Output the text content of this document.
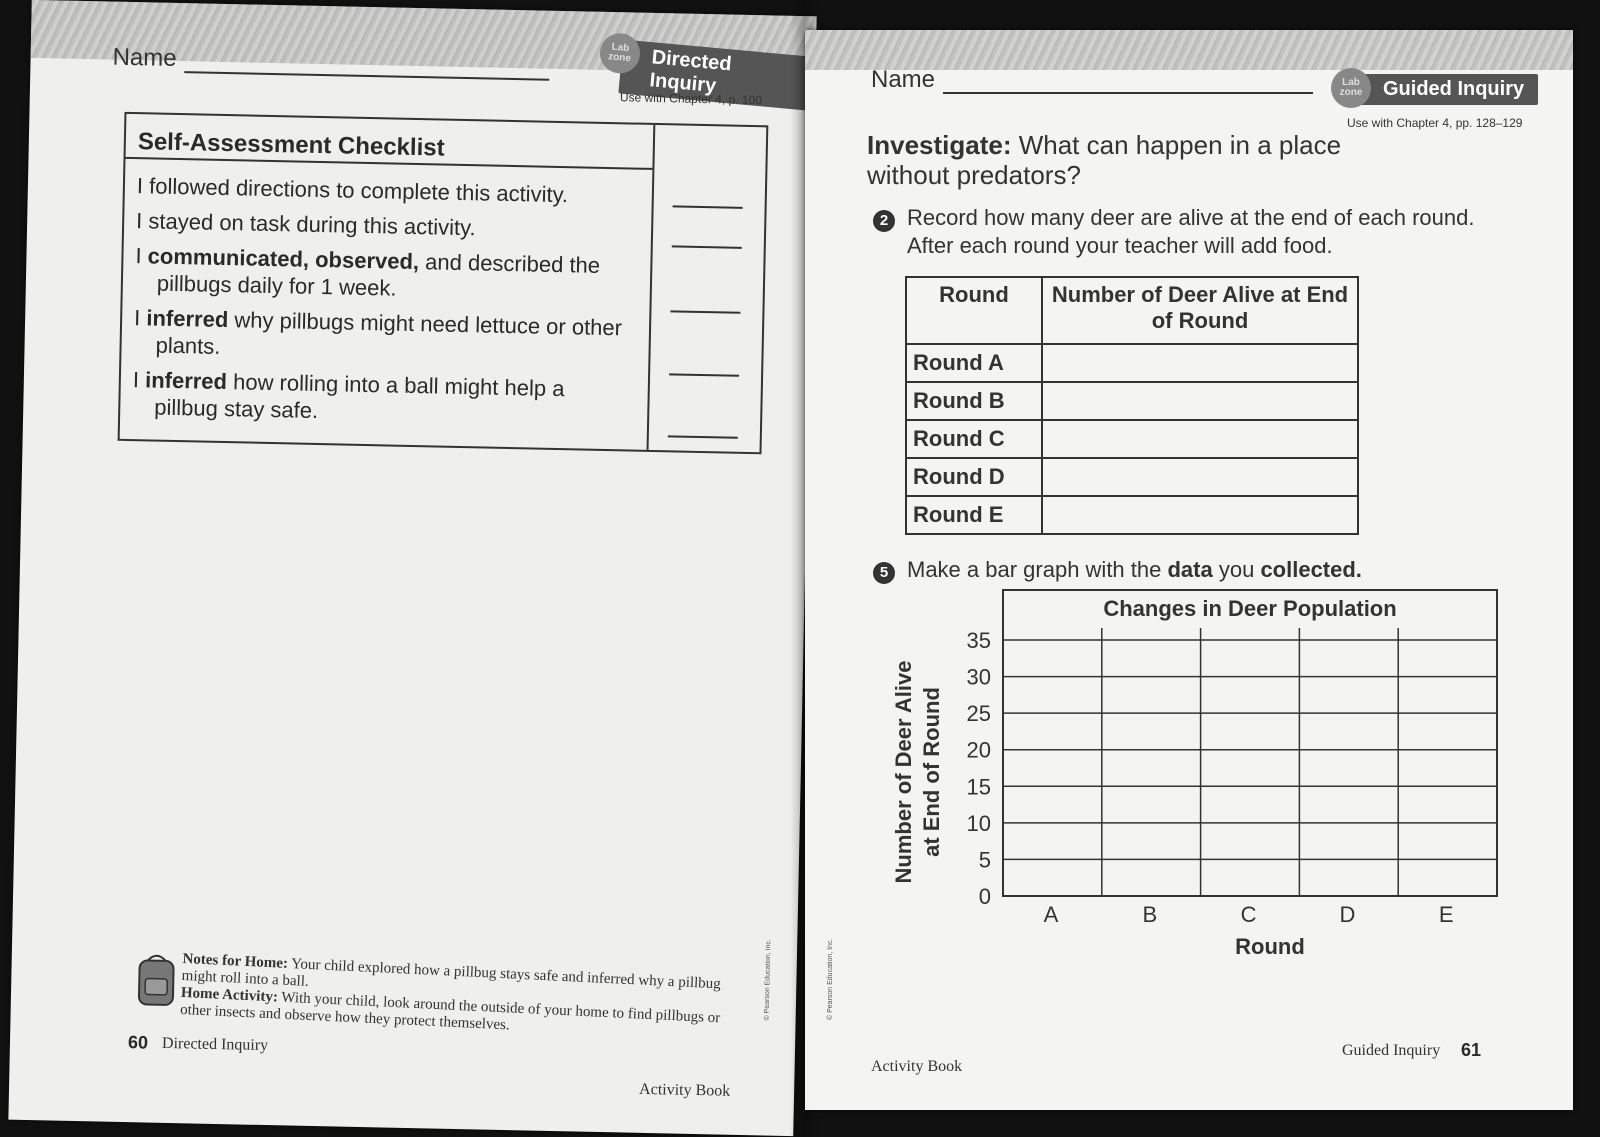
Name	Lab
zone Directed Inquiry
Use with Chapter 4, p. 100
Self-Assessment Checklist
I followed directions to complete this activity.
I stayed on task during this activity.
I communicated, observed, and described the pillbugs daily for 1 week.
I inferred why pillbugs might need lettuce or other plants.
I inferred how rolling into a ball might help a pillbug stay safe.
Notes for Home: Your child explored how a pillbug stays safe and inferred why a pillbug might roll into a ball.
Home Activity: With your child, look around the outside of your home to find pillbugs or other insects and observe how they protect themselves.
60 Directed Inquiry
Activity Book
© Pearson Education, Inc.
Name	Lab
zone Guided Inquiry
Use with Chapter 4, pp. 128–129
Investigate: What can happen in a place without predators?
2 Record how many deer are alive at the end of each round. After each round your teacher will add food.
Round	Number of Deer Alive at End of Round
Round A	
Round B	
Round C	
Round D	
Round E	
5 Make a bar graph with the data you collected.
Changes in Deer Population
0
5
10
15
20
25
30
35
A	B	C	D	E
Round
Number of Deer Alive at End of Round
Activity Book
Guided Inquiry 61
© Pearson Education, Inc.
